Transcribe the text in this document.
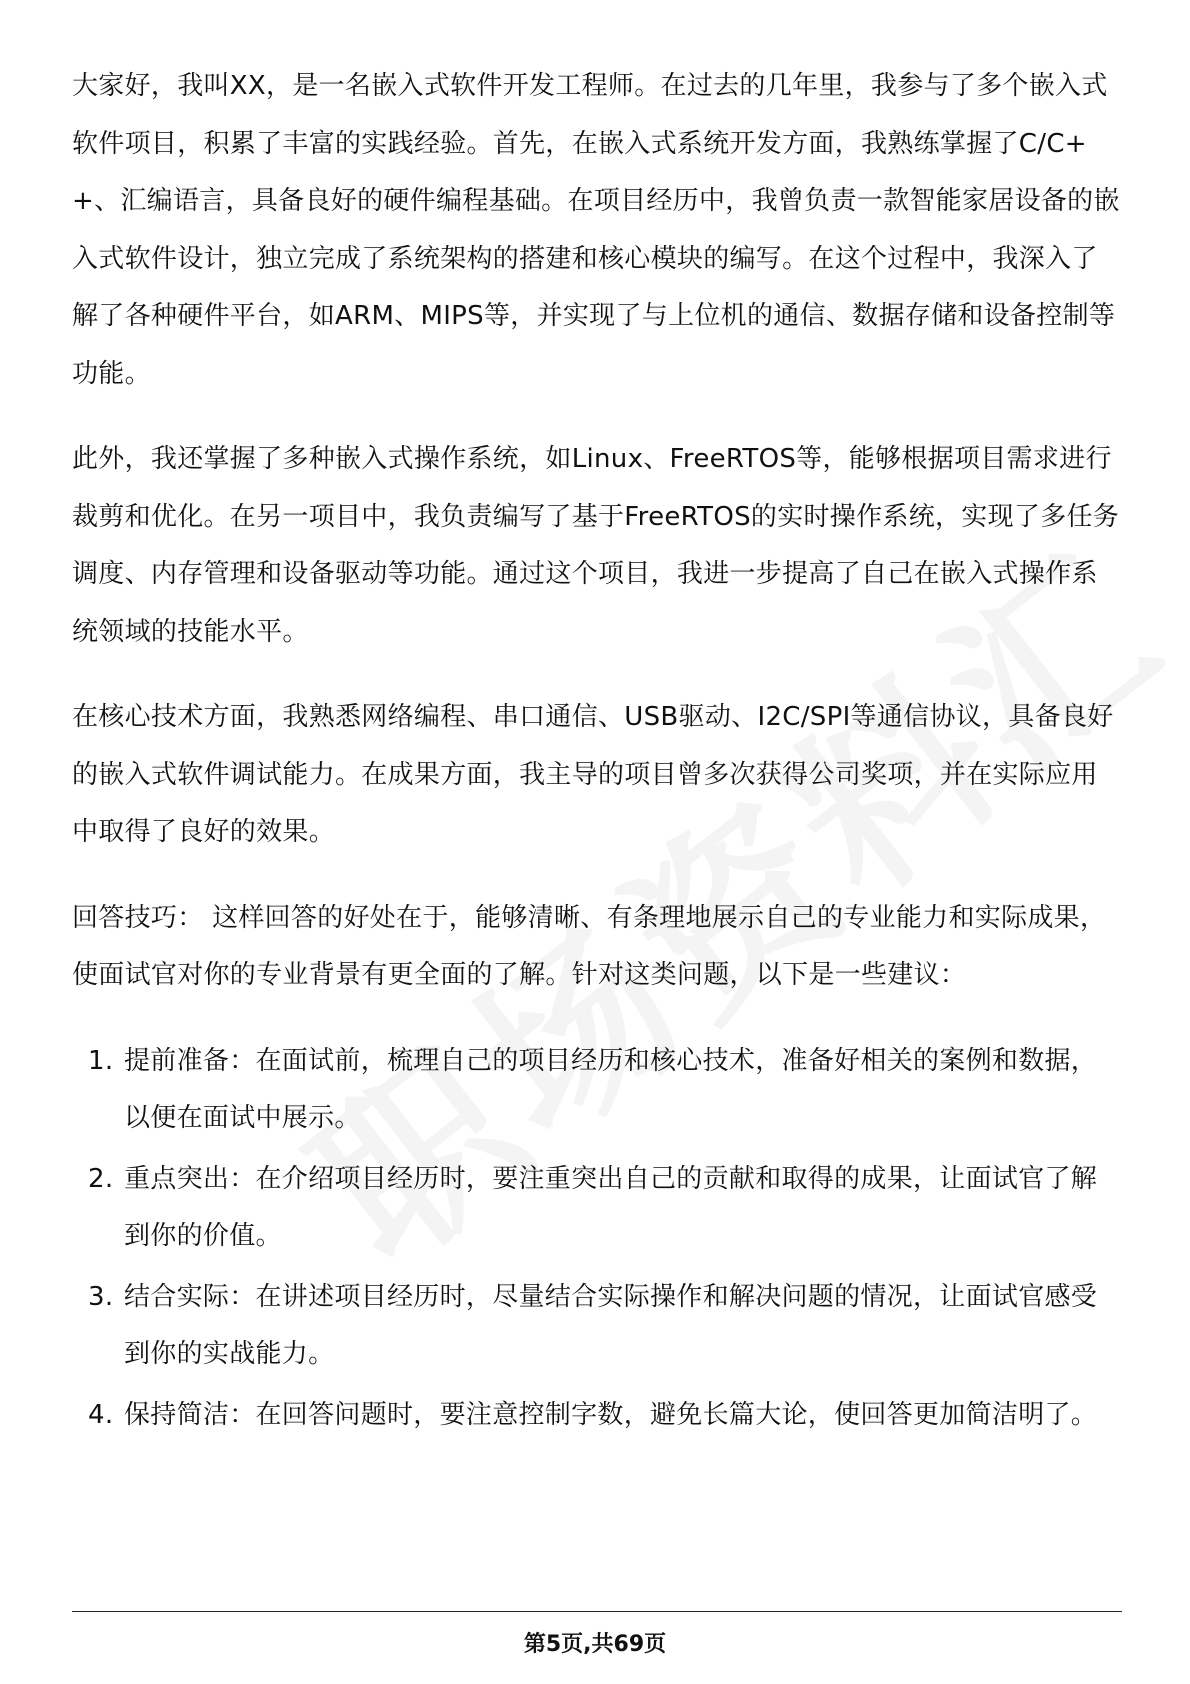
大家好，我叫XX，是一名嵌入式软件开发工程师。在过去的几年里，我参与了多个嵌入式软件项目，积累了丰富的实践经验。首先，在嵌入式系统开发方面，我熟练掌握了C/C++、汇编语言，具备良好的硬件编程基础。在项目经历中，我曾负责一款智能家居设备的嵌入式软件设计，独立完成了系统架构的搭建和核心模块的编写。在这个过程中，我深入了解了各种硬件平台，如ARM、MIPS等，并实现了与上位机的通信、数据存储和设备控制等功能。

此外，我还掌握了多种嵌入式操作系统，如Linux、FreeRTOS等，能够根据项目需求进行裁剪和优化。在另一项目中，我负责编写了基于FreeRTOS的实时操作系统，实现了多任务调度、内存管理和设备驱动等功能。通过这个项目，我进一步提高了自己在嵌入式操作系统领域的技能水平。

在核心技术方面，我熟悉网络编程、串口通信、USB驱动、I2C/SPI等通信协议，具备良好的嵌入式软件调试能力。在成果方面，我主导的项目曾多次获得公司奖项，并在实际应用中取得了良好的效果。

回答技巧： 这样回答的好处在于，能够清晰、有条理地展示自己的专业能力和实际成果，使面试官对你的专业背景有更全面的了解。针对这类问题，以下是一些建议：

1. 提前准备：在面试前，梳理自己的项目经历和核心技术，准备好相关的案例和数据，以便在面试中展示。
2. 重点突出：在介绍项目经历时，要注重突出自己的贡献和取得的成果，让面试官了解到你的价值。
3. 结合实际：在讲述项目经历时，尽量结合实际操作和解决问题的情况，让面试官感受到你的实战能力。
4. 保持简洁：在回答问题时，要注意控制字数，避免长篇大论，使回答更加简洁明了。
第5页,共69页
